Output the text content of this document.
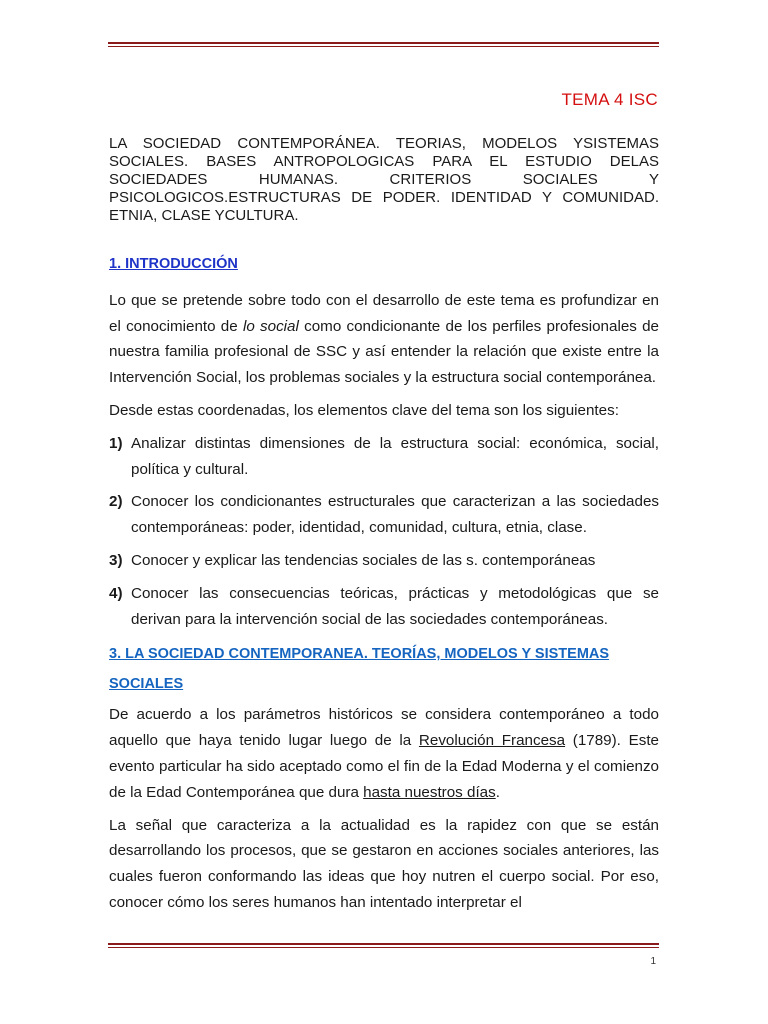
TEMA 4 ISC

LA SOCIEDAD CONTEMPORÁNEA. TEORIAS, MODELOS YSISTEMAS SOCIALES. BASES ANTROPOLOGICAS PARA EL ESTUDIO DELAS SOCIEDADES HUMANAS. CRITERIOS SOCIALES Y PSICOLOGICOS.ESTRUCTURAS DE PODER. IDENTIDAD Y COMUNIDAD. ETNIA, CLASE YCULTURA.

1. INTRODUCCIÓN

Lo que se pretende sobre todo con el desarrollo de este tema es profundizar en el conocimiento de lo social como condicionante de los perfiles profesionales de nuestra familia profesional de SSC y así entender la relación que existe entre la Intervención Social, los problemas sociales y la estructura social contemporánea.

Desde estas coordenadas, los elementos clave del tema son los siguientes:

1) Analizar distintas dimensiones de la estructura social: económica, social, política y cultural.
2) Conocer los condicionantes estructurales que caracterizan a las sociedades contemporáneas: poder, identidad, comunidad, cultura, etnia, clase.
3) Conocer y explicar las tendencias sociales de las s. contemporáneas
4) Conocer las consecuencias teóricas, prácticas y metodológicas que se derivan para la intervención social de las sociedades contemporáneas.

3. LA SOCIEDAD CONTEMPORANEA. TEORÍAS, MODELOS Y SISTEMAS SOCIALES

De acuerdo a los parámetros históricos se considera contemporáneo a todo aquello que haya tenido lugar luego de la Revolución Francesa (1789). Este evento particular ha sido aceptado como el fin de la Edad Moderna y el comienzo de la Edad Contemporánea que dura hasta nuestros días.

La señal que caracteriza a la actualidad es la rapidez con que se están desarrollando los procesos, que se gestaron en acciones sociales anteriores, las cuales fueron conformando las ideas que hoy nutren el cuerpo social. Por eso, conocer cómo los seres humanos han intentado interpretar el

1
